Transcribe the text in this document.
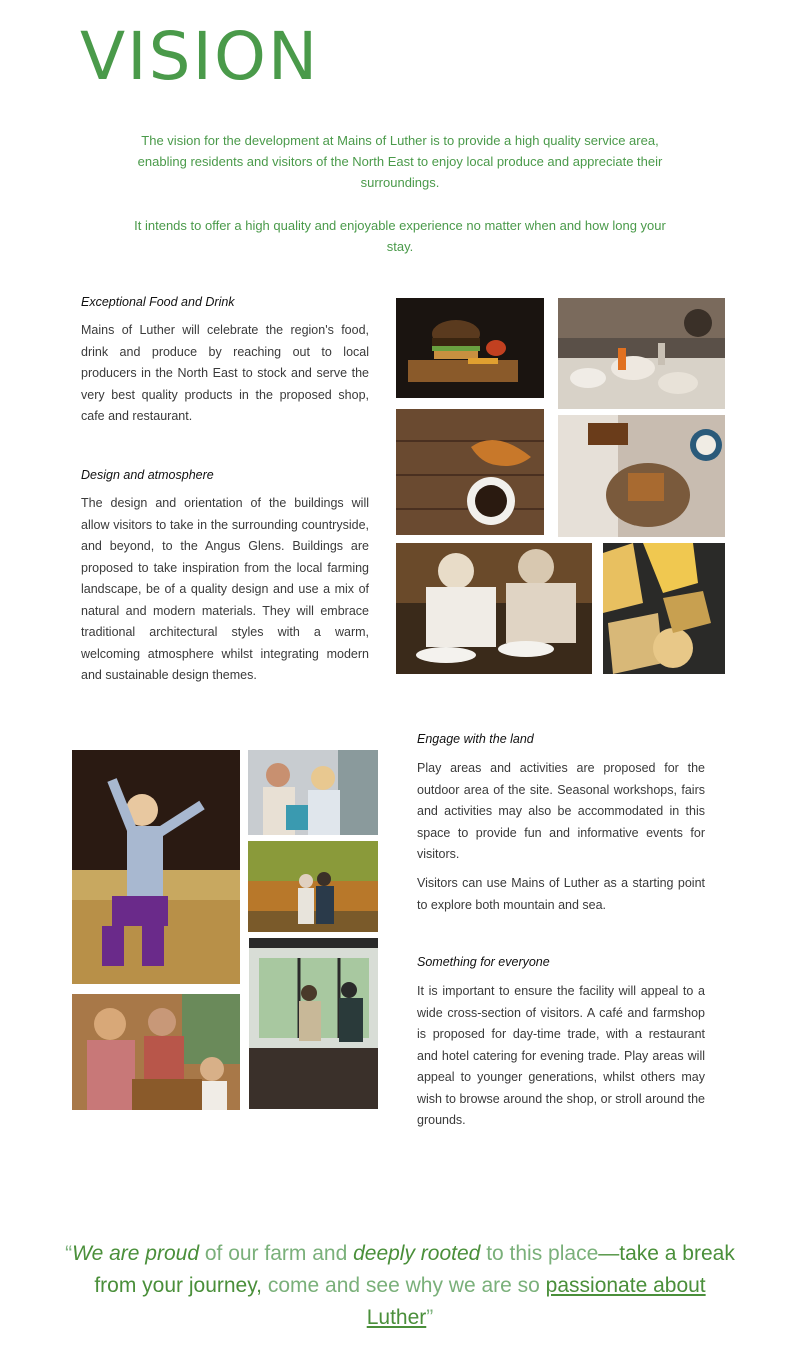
VISION

The vision for the development at Mains of Luther is to provide a high quality service area, enabling residents and visitors of the North East to enjoy local produce and appreciate their surroundings.

It intends to offer a high quality and enjoyable experience no matter when and how long your stay.

Exceptional Food and Drink

Mains of Luther will celebrate the region's food, drink and produce by reaching out to local producers in the North East to stock and serve the very best quality products in the proposed shop, cafe and restaurant.

Design and atmosphere

The design and orientation of the buildings will allow visitors to take in the surrounding countryside, and beyond, to the Angus Glens. Buildings are proposed to take inspiration from the local farming landscape, be of a quality design and use a mix of natural and modern materials. They will embrace traditional architectural styles with a warm, welcoming atmosphere whilst integrating modern and sustainable design themes.

Engage with the land

Play areas and activities are proposed for the outdoor area of the site. Seasonal workshops, fairs and activities may also be accommodated in this space to provide fun and informative events for visitors.

Visitors can use Mains of Luther as a starting point to explore both mountain and sea.

Something for everyone

It is important to ensure the facility will appeal to a wide cross-section of visitors. A café and farmshop is proposed for day-time trade, with a restaurant and hotel catering for evening trade. Play areas will appeal to younger generations, whilst others may wish to browse around the shop, or stroll around the grounds.

“We are proud of our farm and deeply rooted to this place—take a break from your journey, come and see why we are so passionate about Luther”
